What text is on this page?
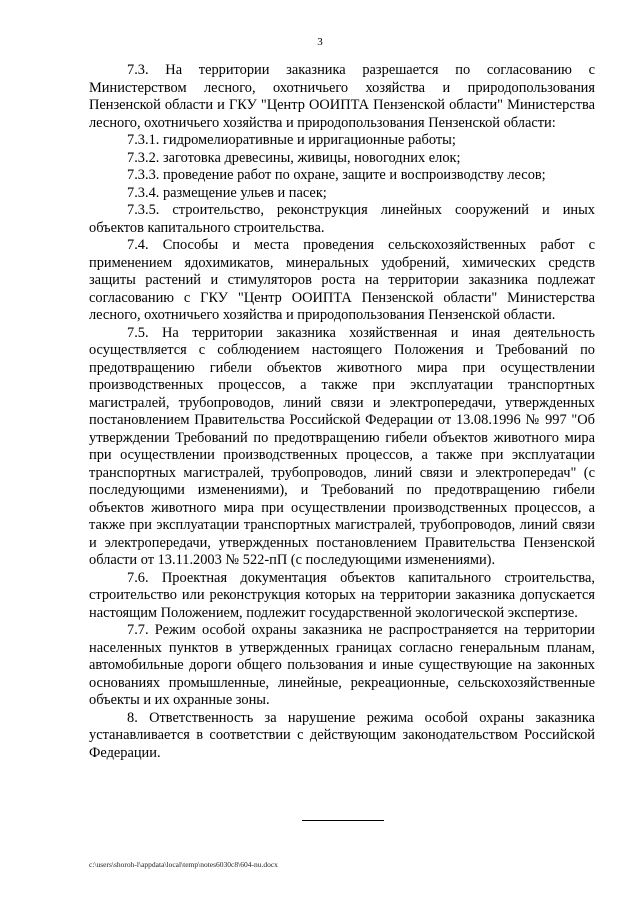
3

7.3. На территории заказника разрешается по согласованию с Министерством лесного, охотничьего хозяйства и природопользования Пензенской области и ГКУ "Центр ООИПТА Пензенской области" Министерства лесного, охотничьего хозяйства и природопользования Пензенской области:

7.3.1. гидромелиоративные и ирригационные работы;

7.3.2. заготовка древесины, живицы, новогодних елок;

7.3.3. проведение работ по охране, защите и воспроизводству лесов;

7.3.4. размещение ульев и пасек;

7.3.5. строительство, реконструкция линейных сооружений и иных объектов капитального строительства.

7.4. Способы и места проведения сельскохозяйственных работ с применением ядохимикатов, минеральных удобрений, химических средств защиты растений и стимуляторов роста на территории заказника подлежат согласованию с ГКУ "Центр ООИПТА Пензенской области" Министерства лесного, охотничьего хозяйства и природопользования Пензенской области.

7.5. На территории заказника хозяйственная и иная деятельность осуществляется с соблюдением настоящего Положения и Требований по предотвращению гибели объектов животного мира при осуществлении производственных процессов, а также при эксплуатации транспортных магистралей, трубопроводов, линий связи и электропередачи, утвержденных постановлением Правительства Российской Федерации от 13.08.1996 № 997 "Об утверждении Требований по предотвращению гибели объектов животного мира при осуществлении производственных процессов, а также при эксплуатации транспортных магистралей, трубопроводов, линий связи и электропередач" (с последующими изменениями), и Требований по предотвращению гибели объектов животного мира при осуществлении производственных процессов, а также при эксплуатации транспортных магистралей, трубопроводов, линий связи и электропередачи, утвержденных постановлением Правительства Пензенской области от 13.11.2003 № 522-пП (с последующими изменениями).

7.6. Проектная документация объектов капитального строительства, строительство или реконструкция которых на территории заказника допускается настоящим Положением, подлежит государственной экологической экспертизе.

7.7. Режим особой охраны заказника не распространяется на территории населенных пунктов в утвержденных границах согласно генеральным планам, автомобильные дороги общего пользования и иные существующие на законных основаниях промышленные, линейные, рекреационные, сельскохозяйственные объекты и их охранные зоны.

8. Ответственность за нарушение режима особой охраны заказника устанавливается в соответствии с действующим законодательством Российской Федерации.

c:\users\shoroh-l\appdata\local\temp\notes6030c8\604-nu.docx
